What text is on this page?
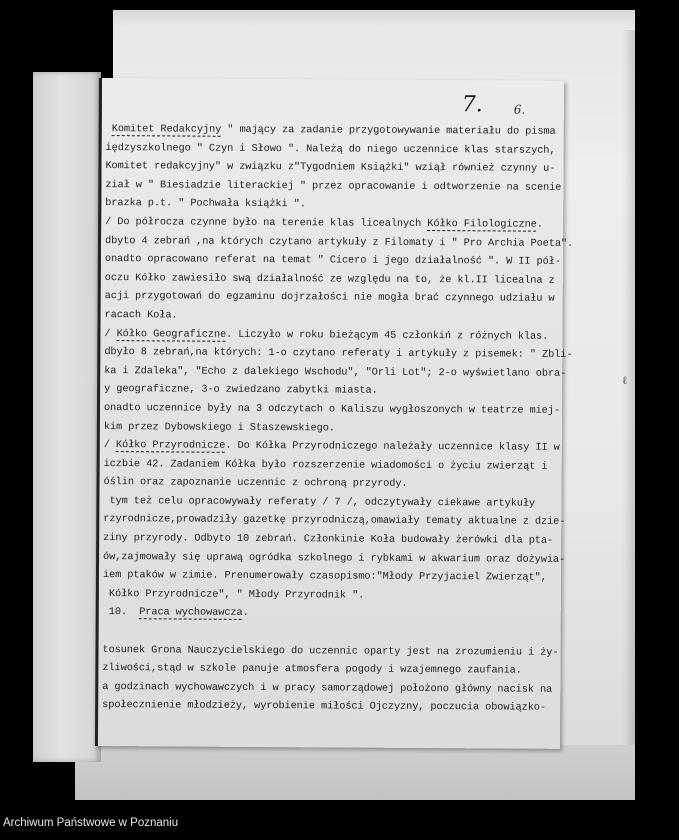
ℓ
7.	6.
Komitet Redakcyjny " mający za zadanie przygotowywanie materiału do pisma
iędzyszkolnego " Czyn i Słowo ". Należą do niego uczennice klas starszych,
Komitet redakcyjny" w związku z"Tygodniem Książki" wziął również czynny u-
ział w " Biesiadzie literackiej " przez opracowanie i odtworzenie na scenie
brazka p.t. " Pochwała książki ".
/ Do półrocza czynne było na terenie klas licealnych Kółko Filologiczne.
dbyto 4 zebrań ,na których czytano artykuły z Filomaty i " Pro Archia Poeta".
onadto opracowano referat na temat " Cicero i jego działalność ". W II pół-
oczu Kółko zawiesiło swą działalność ze względu na to, że kl.II licealna z
acji przygotowań do egzaminu dojrzałości nie mogła brać czynnego udziału w
racach Koła.
/ Kółko Geograficzne. Liczyło w roku bieżącym 45 członkiń z różnych klas.
dbyło 8 zebrań,na których: 1-o czytano referaty i artykuły z pisemek: " Zbli-
ka i Zdaleka", "Echo z dalekiego Wschodu", "Orli Lot"; 2-o wyświetlano obra-
y geograficzne, 3-o zwiedzano zabytki miasta.
onadto uczennice były na 3 odczytach o Kaliszu wygłoszonych w teatrze miej-
kim przez Dybowskiego i Staszewskiego.
/ Kółko Przyrodnicze. Do Kółka Przyrodniczego należały uczennice klasy II w
iczbie 42. Zadaniem Kółka było rozszerzenie wiadomości o życiu zwierząt i
óślin oraz zapoznanie uczennic z ochroną przyrody.
tym też celu opracowywały referaty / 7 /, odczytywały ciekawe artykuły
rzyrodnicze,prowadziły gazetkę przyrodniczą,omawiały tematy aktualne z dzie-
ziny przyrody. Odbyto 10 zebrań. Członkinie Koła budowały żerówki dla pta-
ów,zajmowały się uprawą ogródka szkolnego i rybkami w akwarium oraz dożywia-
iem ptaków w zimie. Prenumerowały czasopismo:"Młody Przyjaciel Zwierząt",
Kółko Przyrodnicze", " Młody Przyrodnik ".
10.  Praca wychowawcza.
tosunek Grona Nauczycielskiego do uczennic oparty jest na zrozumieniu i ży-
zliwości,stąd w szkole panuje atmosfera pogody i wzajemnego zaufania.
a godzinach wychowawczych i w pracy samorządowej położono główny nacisk na
społecznienie młodzieży, wyrobienie miłości Ojczyzny, poczucia obowiązko-
Archiwum Państwowe w Poznaniu
